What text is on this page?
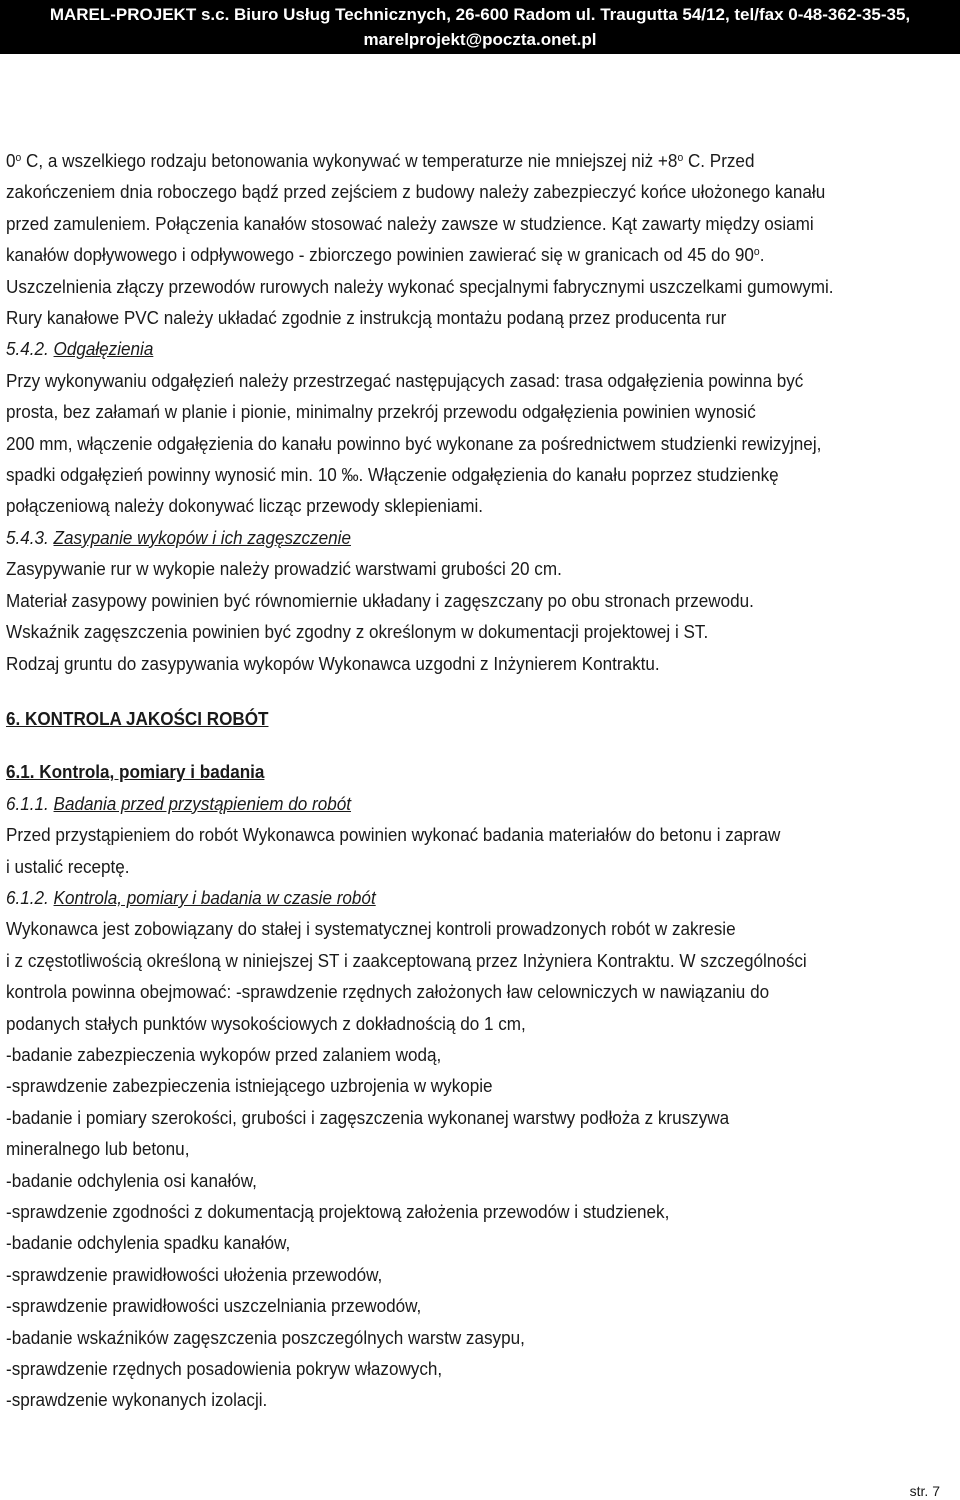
MAREL-PROJEKT s.c. Biuro Usług Technicznych, 26-600 Radom ul. Traugutta 54/12, tel/fax 0-48-362-35-35,
marelprojekt@poczta.onet.pl

0$^o$ C, a wszelkiego rodzaju betonowania wykonywać w temperaturze nie mniejszej niż $+8^o$ C. Przed

zakończeniem dnia roboczego bądź przed zejściem z budowy należy zabezpieczyć końce ułożonego kanału

przed zamuleniem. Połączenia kanałów stosować należy zawsze w studzience. Kąt zawarty między osiami

kanałów dopływowego i odpływowego - zbiorczego powinien zawierać się w granicach od 45 do 90$^o$.

Uszczelnienia złączy przewodów rurowych należy wykonać specjalnymi fabrycznymi uszczelkami gumowymi.

Rury kanałowe PVC należy układać zgodnie z instrukcją montażu podaną przez producenta rur

5.4.2. Odgałęzienia

Przy wykonywaniu odgałęzień należy przestrzegać następujących zasad: trasa odgałęzienia powinna być

prosta, bez załamań w planie i pionie, minimalny przekrój przewodu odgałęzienia powinien wynosić

200 mm, włączenie odgałęzienia do kanału powinno być wykonane za pośrednictwem studzienki rewizyjnej,

spadki odgałęzień powinny wynosić min. 10 ‰. Włączenie odgałęzienia do kanału poprzez studzienkę

połączeniową należy dokonywać licząc przewody sklepieniami.

5.4.3. Zasypanie wykopów i ich zagęszczenie

Zasypywanie rur w wykopie należy prowadzić warstwami grubości 20 cm.

Materiał zasypowy powinien być równomiernie układany i zagęszczany po obu stronach przewodu.

Wskaźnik zagęszczenia powinien być zgodny z określonym w dokumentacji projektowej i ST.

Rodzaj gruntu do zasypywania wykopów Wykonawca uzgodni z Inżynierem Kontraktu.

6. KONTROLA JAKOŚCI ROBÓT

6.1. Kontrola, pomiary i badania

6.1.1. Badania przed przystąpieniem do robót

Przed przystąpieniem do robót Wykonawca powinien wykonać badania materiałów do betonu i zapraw

i ustalić receptę.

6.1.2. Kontrola, pomiary i badania w czasie robót

Wykonawca jest zobowiązany do stałej i systematycznej kontroli prowadzonych robót w zakresie

i z częstotliwością określoną w niniejszej ST i zaakceptowaną przez Inżyniera Kontraktu. W szczególności

kontrola powinna obejmować: -sprawdzenie rzędnych założonych ław celowniczych w nawiązaniu do

podanych stałych punktów wysokościowych z dokładnością do 1 cm,

-badanie zabezpieczenia wykopów przed zalaniem wodą,

-sprawdzenie zabezpieczenia istniejącego uzbrojenia w wykopie

-badanie i pomiary szerokości, grubości i zagęszczenia wykonanej warstwy podłoża z kruszywa

mineralnego lub betonu,

-badanie odchylenia osi kanałów,

-sprawdzenie zgodności z dokumentacją projektową założenia przewodów i studzienek,

-badanie odchylenia spadku kanałów,

-sprawdzenie prawidłowości ułożenia przewodów,

-sprawdzenie prawidłowości uszczelniania przewodów,

-badanie wskaźników zagęszczenia poszczególnych warstw zasypu,

-sprawdzenie rzędnych posadowienia pokryw włazowych,

-sprawdzenie wykonanych izolacji.

str. 7
